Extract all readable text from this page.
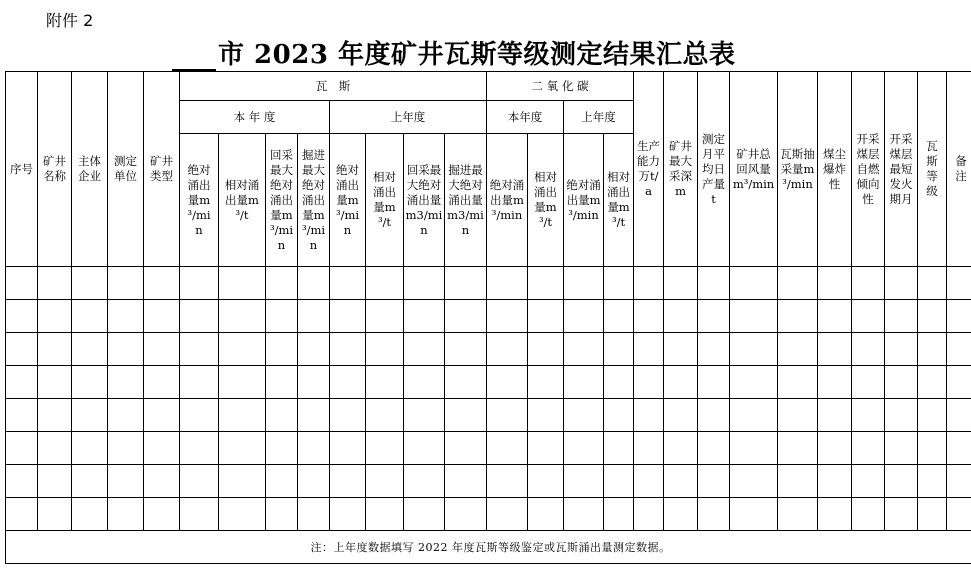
附件 2
市 2023 年度矿井瓦斯等级测定结果汇总表
序号	矿井名称	主体企业	测定单位	矿井类型	瓦　斯								二 氧 化 碳				生产能力万t/a	矿井最大采深m	测定月平均日产量t	矿井总回风量m³/min	瓦斯抽采量m³/min	煤尘爆炸性	开采煤层自燃倾向性	开采煤层最短发火期月	瓦斯等级	备注
					本 年 度				上年度				本年度		上年度											
					绝对涌出量m³/min	相对涌出量m³/t	回采最大绝对涌出量m³/min	掘进最大绝对涌出量m³/min	绝对涌出量m³/min	相对涌出量m³/t	回采最大绝对涌出量m3/min	掘进最大绝对涌出量m3/min	绝对涌出量m³/min	相对涌出量m³/t	绝对涌出量m³/min	相对涌出量m³/t										

注：上年度数据填写 2022 年度瓦斯等级鉴定或瓦斯涌出量测定数据。																										
